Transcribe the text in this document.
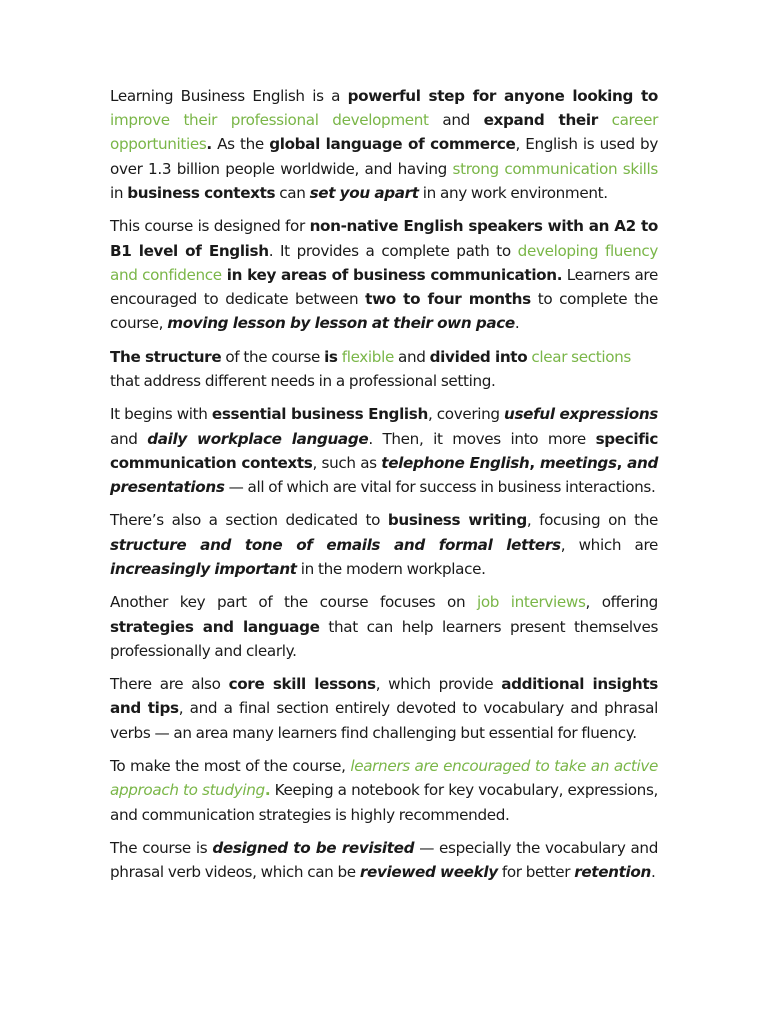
Learning Business English is a powerful step for anyone looking to improve their professional development and expand their career opportunities. As the global language of commerce, English is used by over 1.3 billion people worldwide, and having strong communication skills in business contexts can set you apart in any work environment.

This course is designed for non-native English speakers with an A2 to B1 level of English. It provides a complete path to developing fluency and confidence in key areas of business communication. Learners are encouraged to dedicate between two to four months to complete the course, moving lesson by lesson at their own pace.

The structure of the course is flexible and divided into clear sections that address different needs in a professional setting.

It begins with essential business English, covering useful expressions and daily workplace language. Then, it moves into more specific communication contexts, such as telephone English, meetings, and presentations — all of which are vital for success in business interactions.

There’s also a section dedicated to business writing, focusing on the structure and tone of emails and formal letters, which are increasingly important in the modern workplace.

Another key part of the course focuses on job interviews, offering strategies and language that can help learners present themselves professionally and clearly.

There are also core skill lessons, which provide additional insights and tips, and a final section entirely devoted to vocabulary and phrasal verbs — an area many learners find challenging but essential for fluency.

To make the most of the course, learners are encouraged to take an active approach to studying. Keeping a notebook for key vocabulary, expressions, and communication strategies is highly recommended.

The course is designed to be revisited — especially the vocabulary and phrasal verb videos, which can be reviewed weekly for better retention.
